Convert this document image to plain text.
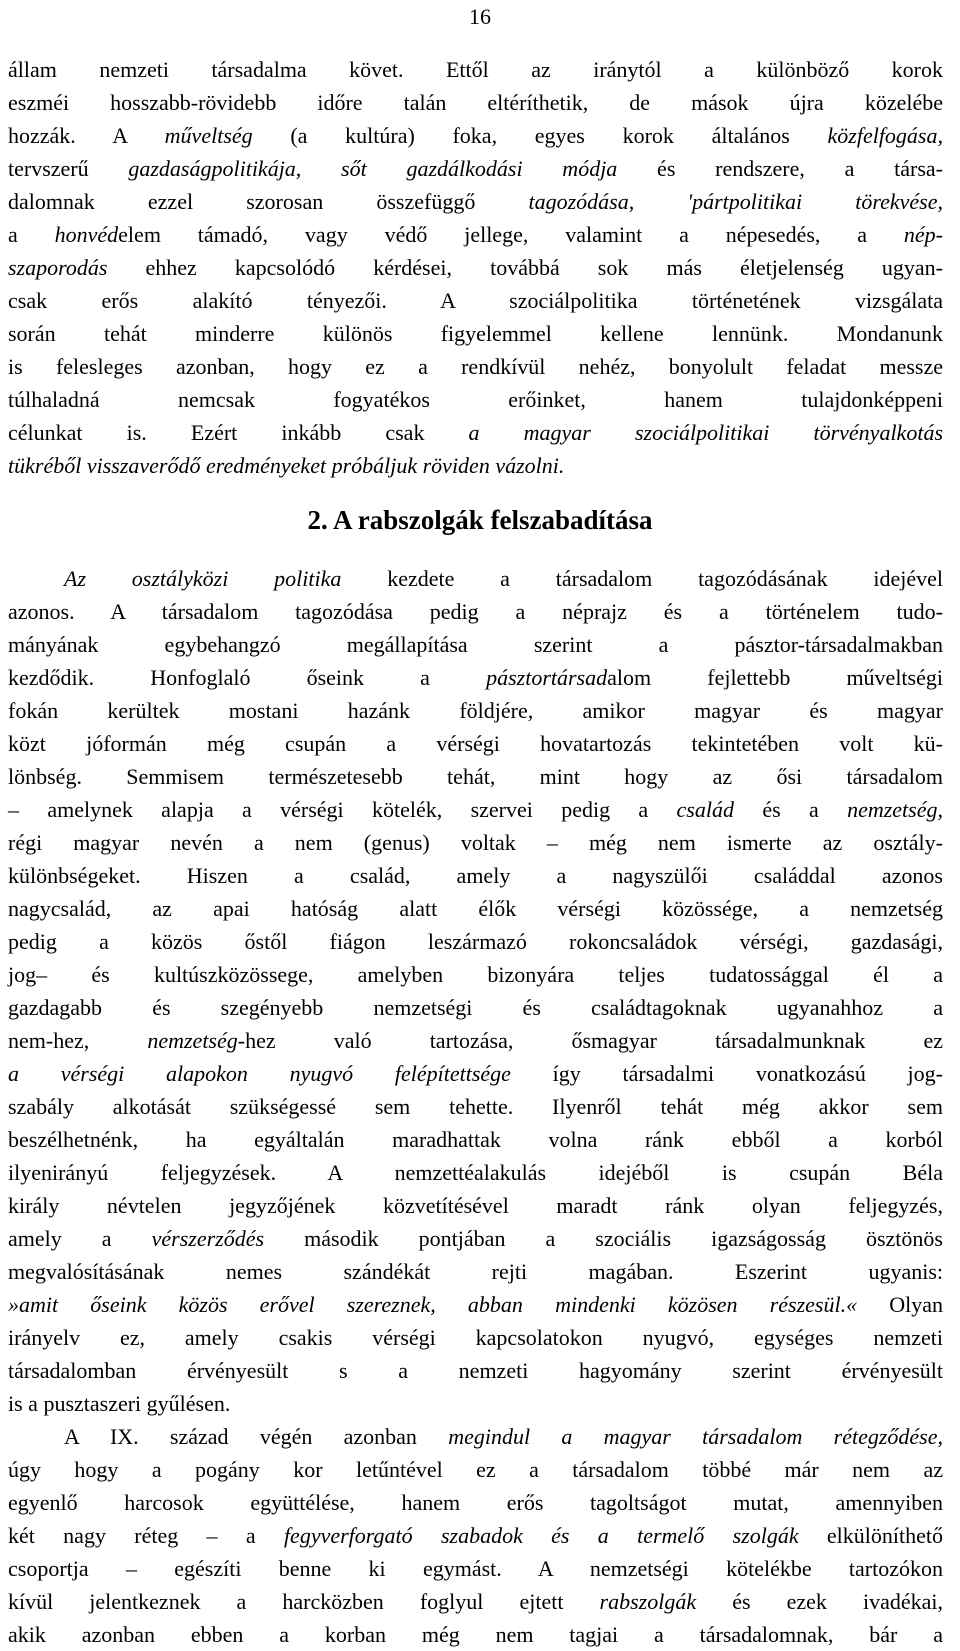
16
állam nemzeti társadalma követ. Ettől az iránytól a különböző korok
eszméi hosszabb-rövidebb időre talán eltéríthetik, de mások újra közelébe
hozzák. A műveltség (a kultúra) foka, egyes korok általános közfelfogása,
tervszerű gazdaságpolitikája, sőt gazdálkodási módja és rendszere, a társa-
dalomnak ezzel szorosan összefüggő tagozódása, 'pártpolitikai törekvése,
a honvédelem támadó, vagy védő jellege, valamint a népesedés, a nép-
szaporodás ehhez kapcsolódó kérdései, továbbá sok más életjelenség ugyan-
csak erős alakító tényezői. A szociálpolitika történetének vizsgálata
során tehát minderre különös figyelemmel kellene lennünk. Mondanunk
is felesleges azonban, hogy ez a rendkívül nehéz, bonyolult feladat messze
túlhaladná nemcsak fogyatékos erőinket, hanem tulajdonképpeni
célunkat is. Ezért inkább csak a magyar szociálpolitikai törvényalkotás
tükréből visszaverődő eredményeket próbáljuk röviden vázolni.
2. A rabszolgák felszabadítása
Az osztályközi politika kezdete a társadalom tagozódásának idejével
azonos. A társadalom tagozódása pedig a néprajz és a történelem tudo-
mányának egybehangzó megállapítása szerint a pásztor-társadalmakban
kezdődik. Honfoglaló őseink a pásztortársadalom fejlettebb műveltségi
fokán kerültek mostani hazánk földjére, amikor magyar és magyar
közt jóformán még csupán a vérségi hovatartozás tekintetében volt kü-
lönbség. Semmisem természetesebb tehát, mint hogy az ősi társadalom
– amelynek alapja a vérségi kötelék, szervei pedig a család és a nemzetség,
régi magyar nevén a nem (genus) voltak – még nem ismerte az osztály-
különbségeket. Hiszen a család, amely a nagyszülői családdal azonos
nagycsalád, az apai hatóság alatt élők vérségi közössége, a nemzetség
pedig a közös őstől fiágon leszármazó rokoncsaládok vérségi, gazdasági,
jog– és kultúszközössege, amelyben bizonyára teljes tudatossággal él a
gazdagabb és szegényebb nemzetségi és családtagoknak ugyanahhoz a
nem-hez, nemzetség-hez való tartozása, ősmagyar társadalmunknak ez
a vérségi alapokon nyugvó felépítettsége így társadalmi vonatkozású jog-
szabály alkotását szükségessé sem tehette. Ilyenről tehát még akkor sem
beszélhetnénk, ha egyáltalán maradhattak volna ránk ebből a korból
ilyenirányú feljegyzések. A nemzettéalakulás idejéből is csupán Béla
király névtelen jegyzőjének közvetítésével maradt ránk olyan feljegyzés,
amely a vérszerződés második pontjában a szociális igazságosság ösztönös
megvalósításának nemes szándékát rejti magában. Eszerint ugyanis:
»amit őseink közös erővel szereznek, abban mindenki közösen részesül.« Olyan
irányelv ez, amely csakis vérségi kapcsolatokon nyugvó, egységes nemzeti
társadalomban érvényesült s a nemzeti hagyomány szerint érvényesült
is a pusztaszeri gyűlésen.
A IX. század végén azonban megindul a magyar társadalom rétegződése,
úgy hogy a pogány kor letűntével ez a társadalom többé már nem az
egyenlő harcosok együttélése, hanem erős tagoltságot mutat, amennyiben
két nagy réteg – a fegyverforgató szabadok és a termelő szolgák elkülöníthető
csoportja – egészíti benne ki egymást. A nemzetségi kötelékbe tartozókon
kívül jelentkeznek a harcközben foglyul ejtett rabszolgák és ezek ivadékai,
akik azonban ebben a korban még nem tagjai a társadalomnak, bár a
